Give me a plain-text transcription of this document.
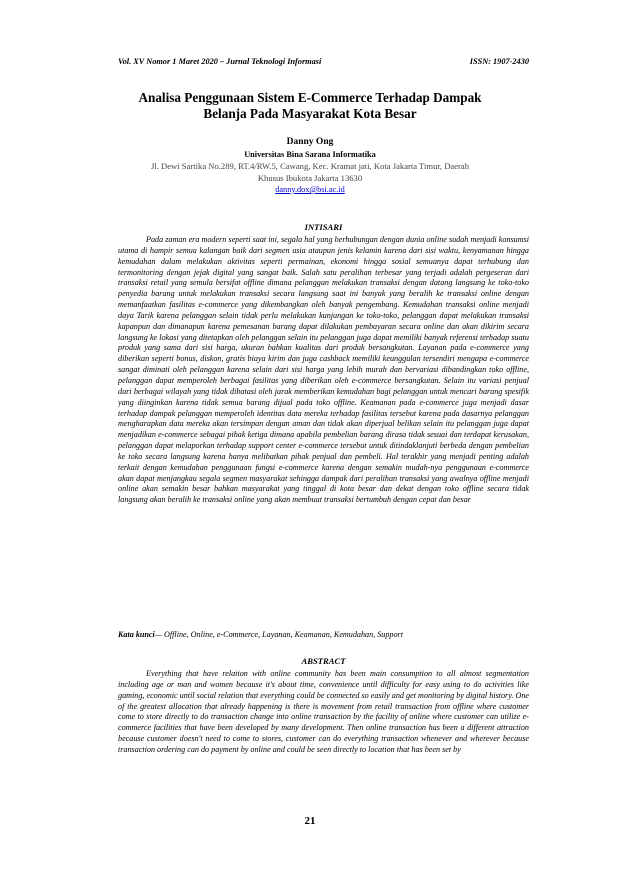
Vol. XV Nomor 1 Maret 2020 – Jurnal Teknologi Informasi	ISSN: 1907-2430
Analisa Penggunaan Sistem E-Commerce Terhadap Dampak
Belanja Pada Masyarakat Kota Besar
Danny Ong
Universitas Bina Sarana Informatika
Jl. Dewi Sartika No.289, RT.4/RW.5, Cawang, Kec. Kramat jati, Kota Jakarta Timur, Daerah
Khusus Ibukota Jakarta 13630
danny.dox@bsi.ac.id
INTISARI

Pada zaman era modern seperti saat ini, segala hal yang berhubungan dengan dunia online sudah menjadi konsumsi utama di hampir semua kalangan baik dari segmen usia ataupun jenis kelamin karena dari sisi waktu, kenyamanan hingga kemudahan dalam melakukan aktivitas seperti permainan, ekonomi hingga sosial semuanya dapat terhubung dan termonitoring dengan jejak digital yang sangat baik. Salah satu peralihan terbesar yang terjadi adalah pergeseran dari transaksi retail yang semula bersifat offline dimana pelanggan melakukan transaksi dengan datang langsung ke toko-toko penyedia barang untuk melakukan transaksi secara langsung saat ini banyak yang beralih ke transaksi online dengan memanfaatkan fasilitas e-commerce yang dikembangkan oleh banyak pengembang. Kemudahan transaksi online menjadi daya Tarik karena pelanggan selain tidak perlu melakukan kunjungan ke toko-toko, pelanggan dapat melakukan transaksi kapanpun dan dimanapun karena pemesanan barang dapat dilakukan pembayaran secara online dan akan dikirim secara langsung ke lokasi yang ditetapkan oleh pelanggan selain itu pelanggan juga dapat memiliki banyak referensi terhadap suatu produk yang sama dari sisi harga, ukuran bahkan kualitas dari produk bersangkutan. Layanan pada e-commerce yang diberikan seperti bonus, diskon, gratis biaya kirim dan juga cashback memiliki keunggulan tersendiri mengapa e-commerce sangat diminati oleh pelanggan karena selain dari sisi harga yang lebih murah dan bervariasi dibandingkan toko offline, pelanggan dapat memperoleh berbagai fasilitas yang diberikan oleh e-commerce bersangkutan. Selain itu variasi penjual dari berbagai wilayah yang tidak dibatasi oleh jarak memberikan kemudahan bagi pelanggan untuk mencari barang spesifik yang diinginkan karena tidak semua barang dijual pada toko offline. Keamanan pada e-commerce juga menjadi dasar terhadap dampak pelanggan memperoleh identitas data mereka terhadap fasilitas tersebut karena pada dasarnya pelanggan mengharapkan data mereka akan tersimpan dengan aman dan tidak akan diperjual belikan selain itu pelanggan juga dapat menjadikan e-commerce sebagai pihak ketiga dimana apabila pembelian barang dirasa tidak sesuai dan terdapat kerusakan, pelanggan dapat melaporkan terhadap support center e-commerce tersebut untuk ditindaklanjuti berbeda dengan pembelian ke toko secara langsung karena hanya melibatkan pihak penjual dan pembeli. Hal terakhir yang menjadi penting adalah terkait dengan kemudahan penggunaan fungsi e-commerce karena dengan semakin mudah-nya penggunaan e-commerce akan dapat menjangkau segala segmen masyarakat sehingga dampak dari peralihan transaksi yang awalnya offline menjadi online akan semakin besar bahkan masyarakat yang tinggal di kota besar dan dekat dengan toko offline secara tidak langsung akan beralih ke transaksi online yang akan membuat transaksi bertumbuh dengan cepat dan besar

Kata kunci— Offline, Online, e-Commerce, Layanan, Keamanan, Kemudahan, Support

ABSTRACT

Everything that have relation with online community has been main consumption to all almost segmentation including age or man and women because it's about time, convenience until difficulty for easy using to do activities like gaming, economic until social relation that everything could be connected so easily and get monitoring by digital history. One of the greatest allocation that already happening is there is movement from retail transaction from offline where customer come to store directly to do transaction change into online transaction by the facility of online where customer can utilize e-commerce facilities that have been developed by many development. Then online transaction has been a different attraction because customer doesn't need to come to stores, customer can do everything transaction whenever and wherever because transaction ordering can do payment by online and could be seen directly to location that has been set by

21
